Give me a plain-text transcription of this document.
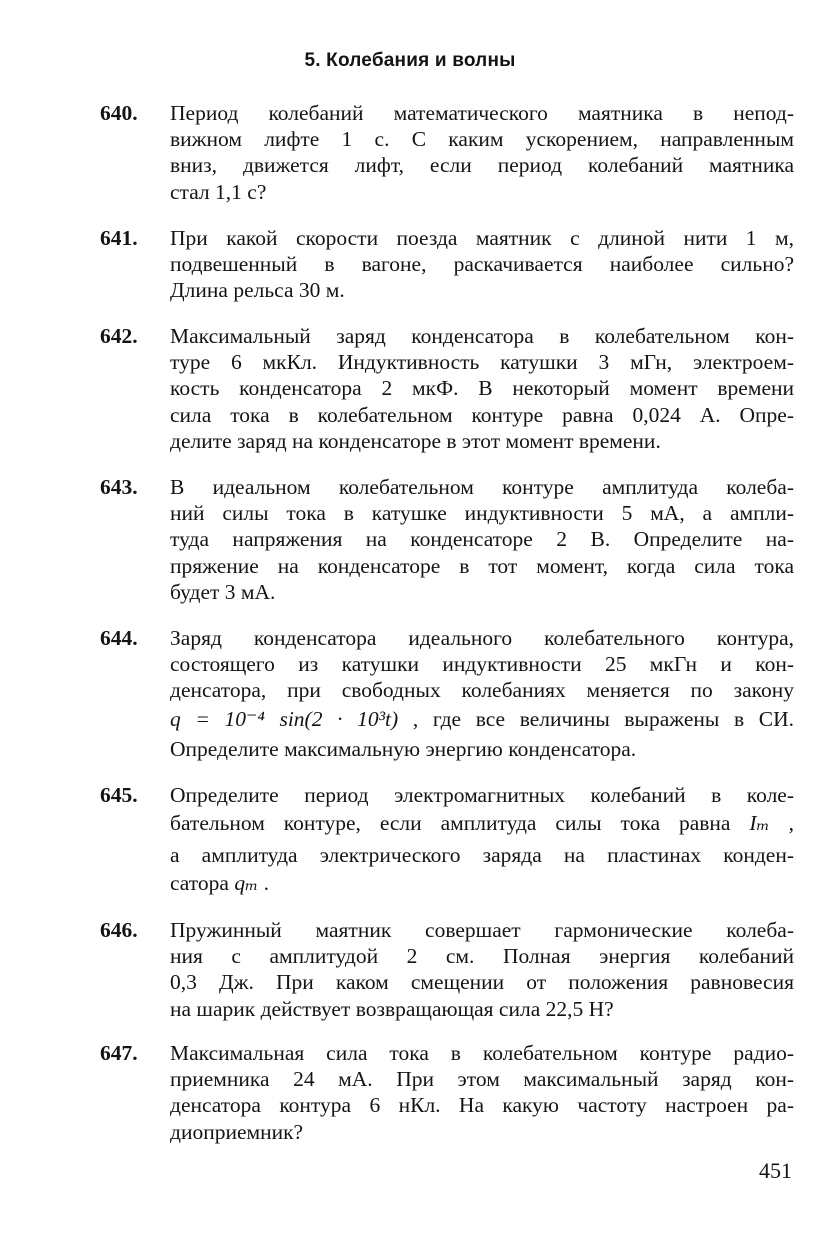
5. Колебания и волны
640. Период колебаний математического маятника в непод-
вижном лифте 1 с. С каким ускорением, направленным
вниз, движется лифт, если период колебаний маятника
стал 1,1 с?
641. При какой скорости поезда маятник с длиной нити 1 м,
подвешенный в вагоне, раскачивается наиболее сильно?
Длина рельса 30 м.
642. Максимальный заряд конденсатора в колебательном кон-
туре 6 мкКл. Индуктивность катушки 3 мГн, электроем-
кость конденсатора 2 мкФ. В некоторый момент времени
сила тока в колебательном контуре равна 0,024 А. Опре-
делите заряд на конденсаторе в этот момент времени.
643. В идеальном колебательном контуре амплитуда колеба-
ний силы тока в катушке индуктивности 5 мА, а ампли-
туда напряжения на конденсаторе 2 В. Определите на-
пряжение на конденсаторе в тот момент, когда сила тока
будет 3 мА.
644. Заряд конденсатора идеального колебательного контура,
состоящего из катушки индуктивности 25 мкГн и кон-
денсатора, при свободных колебаниях меняется по закону
q = 10⁻⁴ sin(2 · 10³t) , где все величины выражены в СИ.
Определите максимальную энергию конденсатора.
645. Определите период электромагнитных колебаний в коле-
бательном контуре, если амплитуда силы тока равна Iₘ ,
а амплитуда электрического заряда на пластинах конден-
сатора qₘ .
646. Пружинный маятник совершает гармонические колеба-
ния с амплитудой 2 см. Полная энергия колебаний
0,3 Дж. При каком смещении от положения равновесия
на шарик действует возвращающая сила 22,5 Н?
647. Максимальная сила тока в колебательном контуре радио-
приемника 24 мА. При этом максимальный заряд кон-
денсатора контура 6 нКл. На какую частоту настроен ра-
диоприемник?
451
